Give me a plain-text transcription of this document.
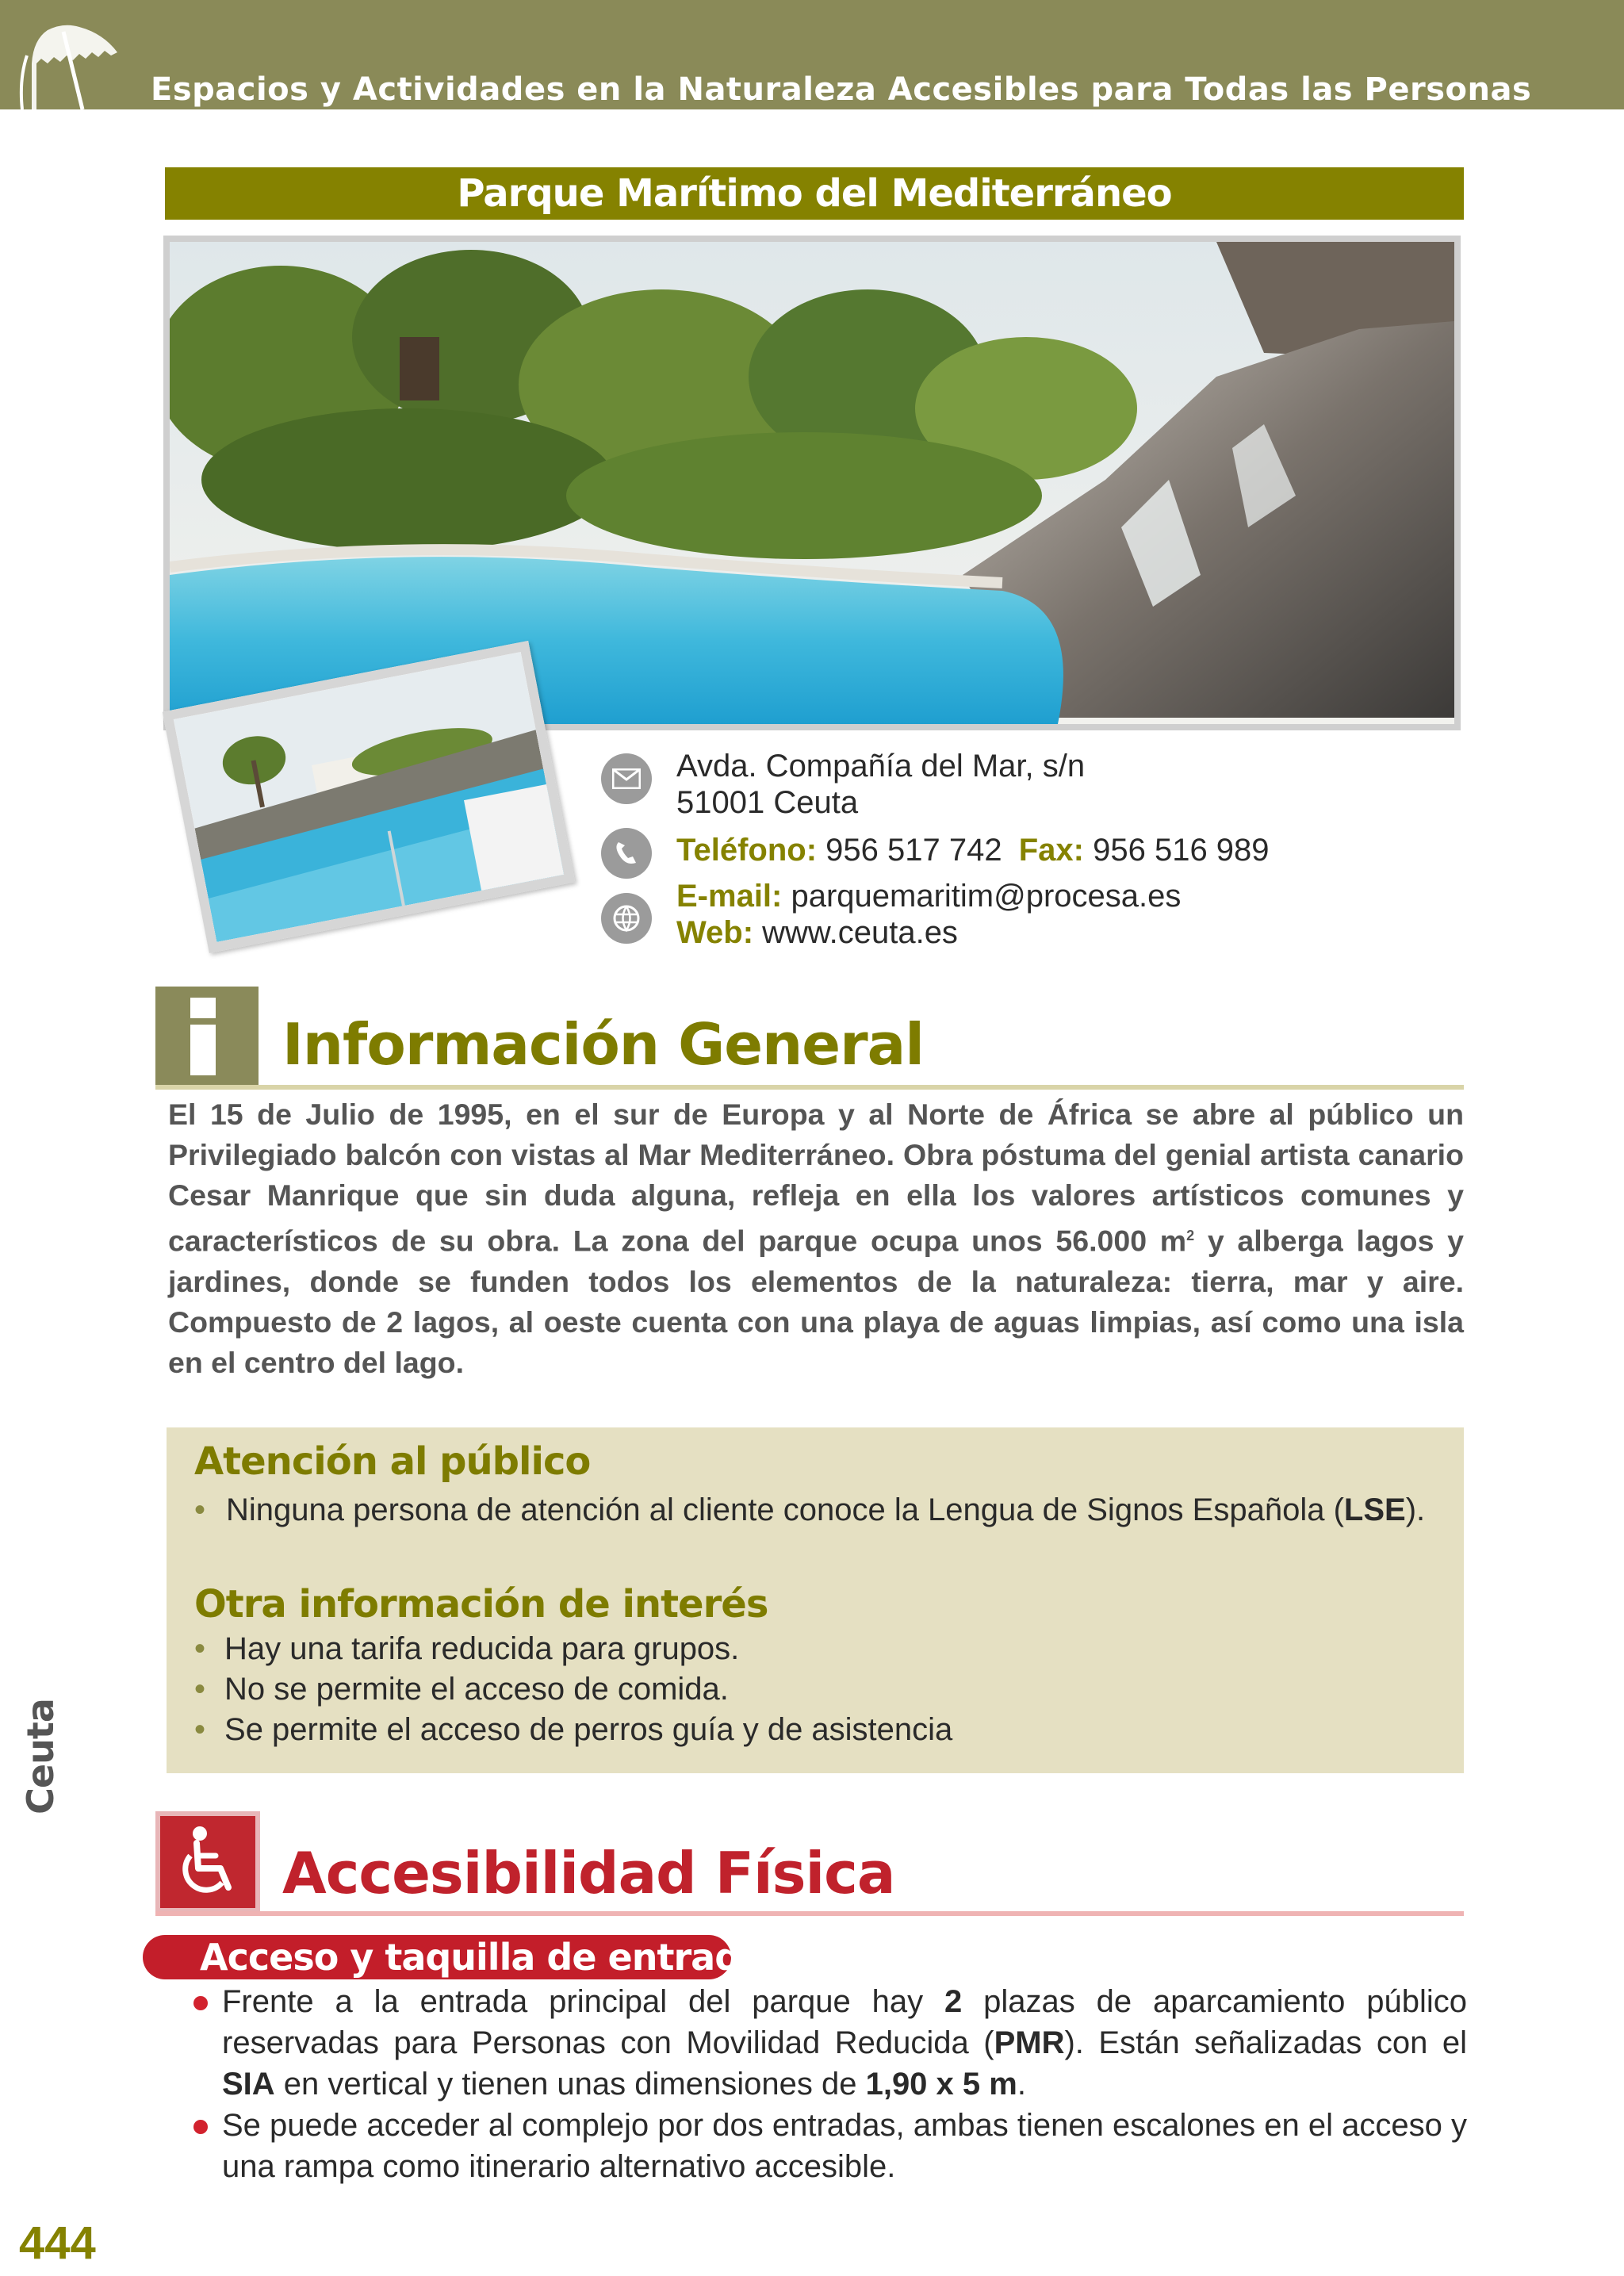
Espacios y Actividades en la Naturaleza Accesibles para Todas las Personas
Parque Marítimo del Mediterráneo
Avda. Compañía del Mar, s/n
51001 Ceuta
Teléfono: 956 517 742 Fax: 956 516 989
E-mail: parquemaritim@procesa.es
Web: www.ceuta.es
Información General
El 15 de Julio de 1995, en el sur de Europa y al Norte de África se abre al público un Privilegiado balcón con vistas al Mar Mediterráneo. Obra póstuma del genial artista canario Cesar Manrique que sin duda alguna, refleja en ella los valores artísticos comunes y característicos de su obra. La zona del parque ocupa unos 56.000 $m^2$ y alberga lagos y jardines, donde se funden todos los elementos de la naturaleza: tierra, mar y aire. Compuesto de 2 lagos, al oeste cuenta con una playa de aguas limpias, así como una isla en el centro del lago.
Atención al público
• Ninguna persona de atención al cliente conoce la Lengua de Signos Española (LSE).
Otra información de interés
• Hay una tarifa reducida para grupos.
• No se permite el acceso de comida.
• Se permite el acceso de perros guía y de asistencia
Ceuta
Accesibilidad Física
Acceso y taquilla de entrada
Frente a la entrada principal del parque hay 2 plazas de aparcamiento público reservadas para Personas con Movilidad Reducida (PMR). Están señalizadas con el SIA en vertical y tienen unas dimensiones de 1,90 x 5 m.
Se puede acceder al complejo por dos entradas, ambas tienen escalones en el acceso y una rampa como itinerario alternativo accesible.
444
